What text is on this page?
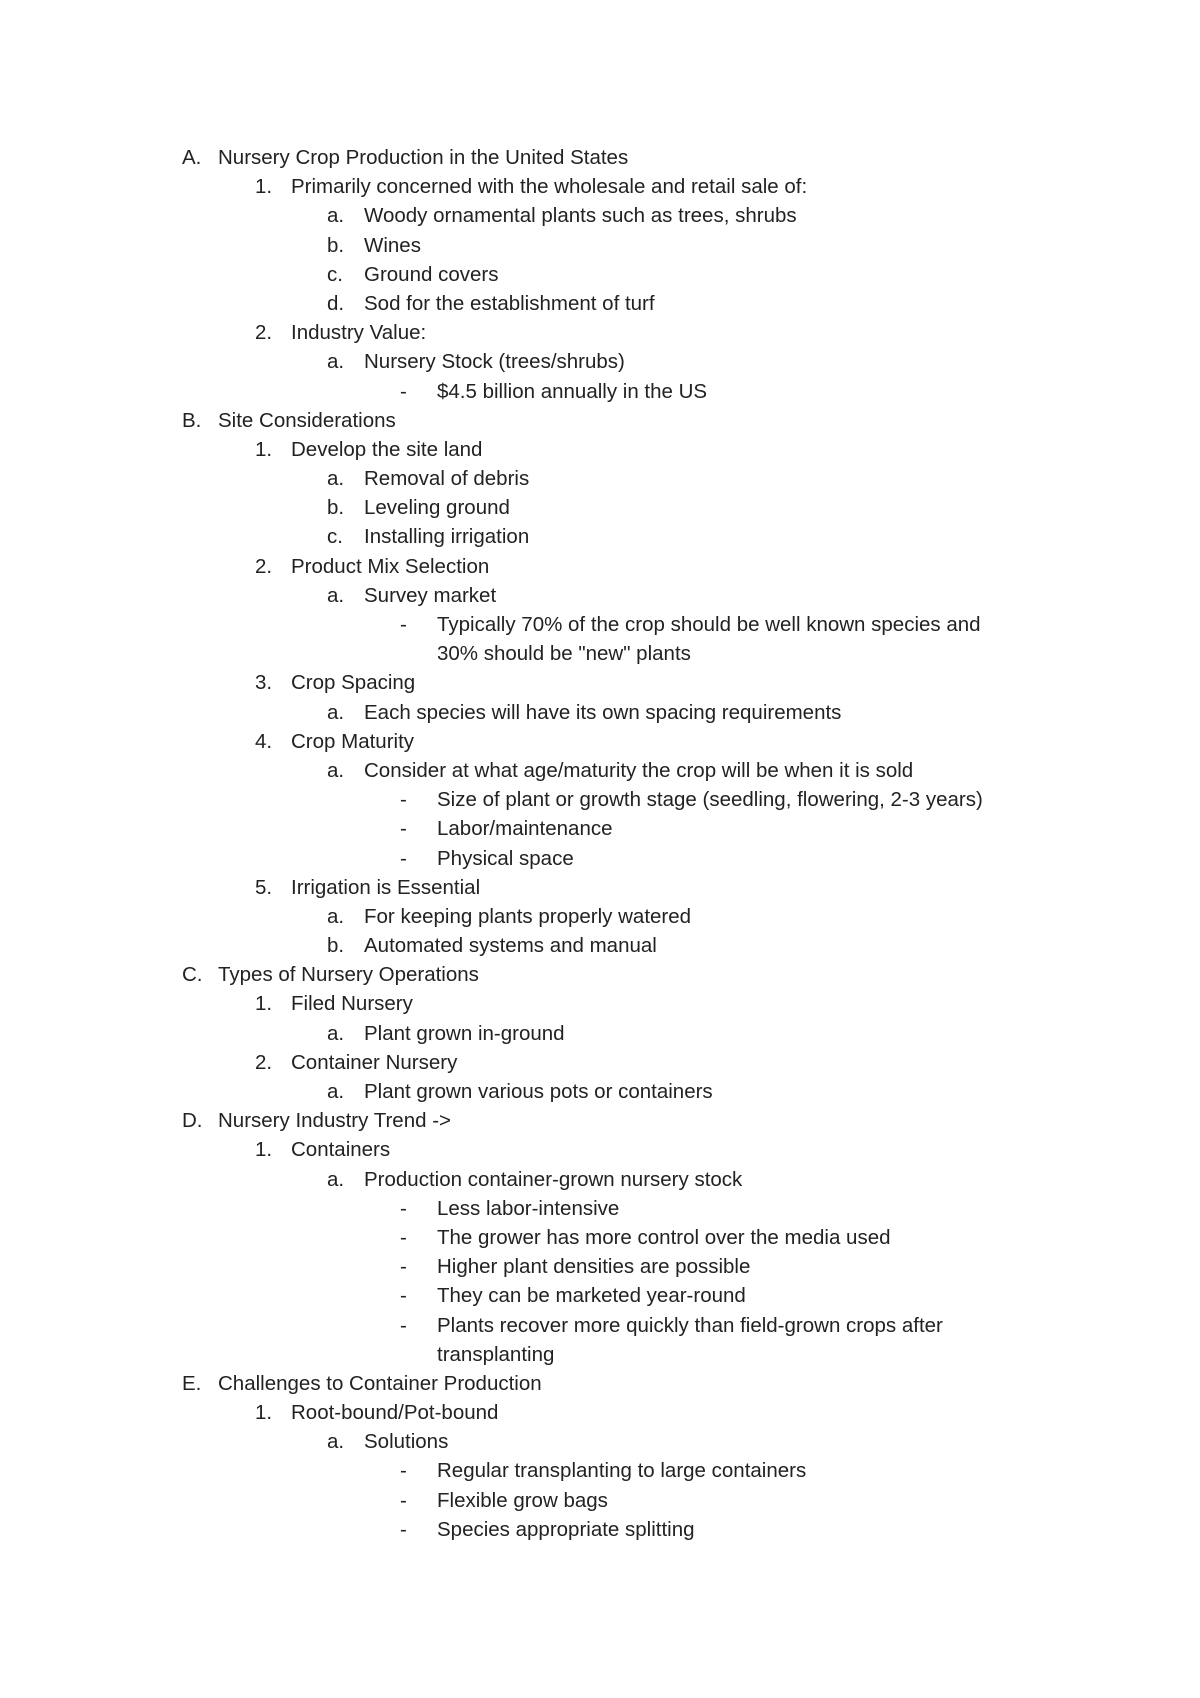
A. Nursery Crop Production in the United States
1. Primarily concerned with the wholesale and retail sale of:
a. Woody ornamental plants such as trees, shrubs
b. Wines
c. Ground covers
d. Sod for the establishment of turf
2. Industry Value:
a. Nursery Stock (trees/shrubs)
- $4.5 billion annually in the US
B. Site Considerations
1. Develop the site land
a. Removal of debris
b. Leveling ground
c. Installing irrigation
2. Product Mix Selection
a. Survey market
- Typically 70% of the crop should be well known species and
30% should be "new" plants
3. Crop Spacing
a. Each species will have its own spacing requirements
4. Crop Maturity
a. Consider at what age/maturity the crop will be when it is sold
- Size of plant or growth stage (seedling, flowering, 2-3 years)
- Labor/maintenance
- Physical space
5. Irrigation is Essential
a. For keeping plants properly watered
b. Automated systems and manual
C. Types of Nursery Operations
1. Filed Nursery
a. Plant grown in-ground
2. Container Nursery
a. Plant grown various pots or containers
D. Nursery Industry Trend ->
1. Containers
a. Production container-grown nursery stock
- Less labor-intensive
- The grower has more control over the media used
- Higher plant densities are possible
- They can be marketed year-round
- Plants recover more quickly than field-grown crops after
transplanting
E. Challenges to Container Production
1. Root-bound/Pot-bound
a. Solutions
- Regular transplanting to large containers
- Flexible grow bags
- Species appropriate splitting
